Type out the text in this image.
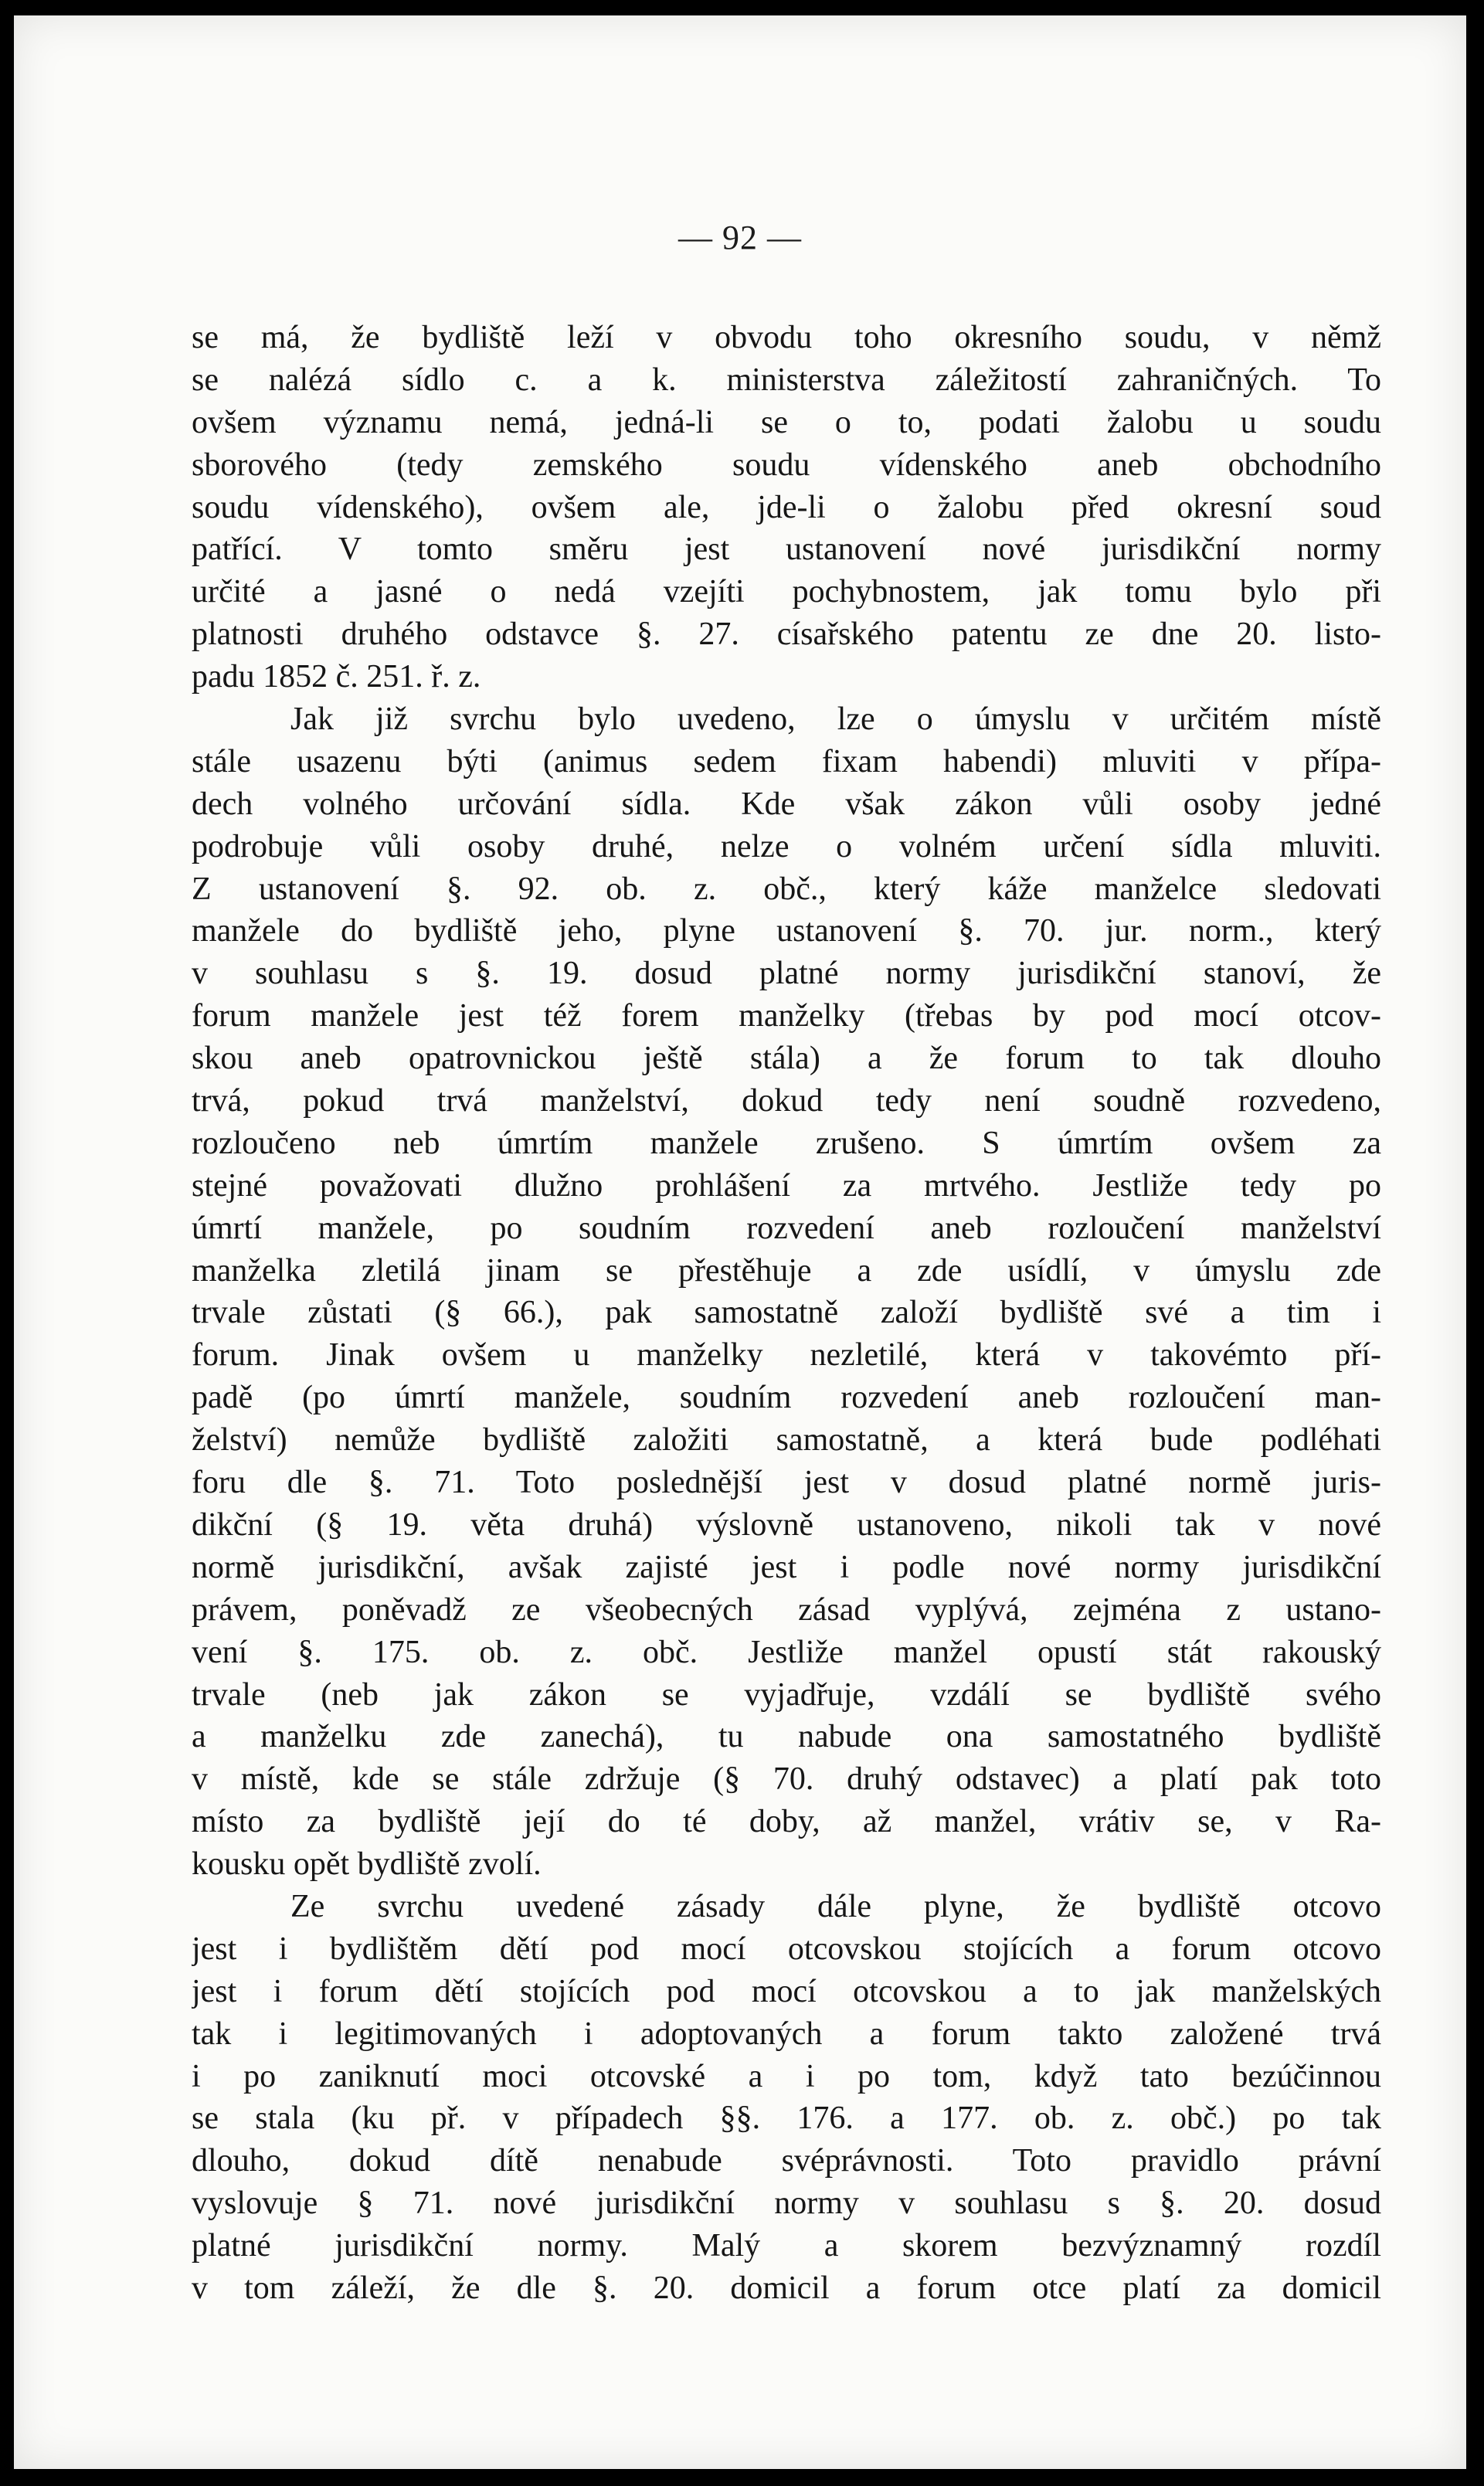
— 92 —
se má, že bydliště leží v obvodu toho okresního soudu, v němž
se nalézá sídlo c. a k. ministerstva záležitostí zahraničných. To
ovšem významu nemá, jedná-li se o to, podati žalobu u soudu
sborového (tedy zemského soudu vídenského aneb obchodního
soudu vídenského), ovšem ale, jde-li o žalobu před okresní soud
patřící. V tomto směru jest ustanovení nové jurisdikční normy
určité a jasné o nedá vzejíti pochybnostem, jak tomu bylo při
platnosti druhého odstavce §. 27. císařského patentu ze dne 20. listo-
padu 1852 č. 251. ř. z.
Jak již svrchu bylo uvedeno, lze o úmyslu v určitém místě
stále usazenu býti (animus sedem fixam habendi) mluviti v přípa-
dech volného určování sídla. Kde však zákon vůli osoby jedné
podrobuje vůli osoby druhé, nelze o volném určení sídla mluviti.
Z ustanovení §. 92. ob. z. obč., který káže manželce sledovati
manžele do bydliště jeho, plyne ustanovení §. 70. jur. norm., který
v souhlasu s §. 19. dosud platné normy jurisdikční stanoví, že
forum manžele jest též forem manželky (třebas by pod mocí otcov-
skou aneb opatrovnickou ještě stála) a že forum to tak dlouho
trvá, pokud trvá manželství, dokud tedy není soudně rozvedeno,
rozloučeno neb úmrtím manžele zrušeno. S úmrtím ovšem za
stejné považovati dlužno prohlášení za mrtvého. Jestliže tedy po
úmrtí manžele, po soudním rozvedení aneb rozloučení manželství
manželka zletilá jinam se přestěhuje a zde usídlí, v úmyslu zde
trvale zůstati (§ 66.), pak samostatně založí bydliště své a tim i
forum. Jinak ovšem u manželky nezletilé, která v takovémto pří-
padě (po úmrtí manžele, soudním rozvedení aneb rozloučení man-
želství) nemůže bydliště založiti samostatně, a která bude podléhati
foru dle §. 71. Toto poslednější jest v dosud platné normě juris-
dikční (§ 19. věta druhá) výslovně ustanoveno, nikoli tak v nové
normě jurisdikční, avšak zajisté jest i podle nové normy jurisdikční
právem, poněvadž ze všeobecných zásad vyplývá, zejména z ustano-
vení §. 175. ob. z. obč. Jestliže manžel opustí stát rakouský
trvale (neb jak zákon se vyjadřuje, vzdálí se bydliště svého
a manželku zde zanechá), tu nabude ona samostatného bydliště
v místě, kde se stále zdržuje (§ 70. druhý odstavec) a platí pak toto
místo za bydliště její do té doby, až manžel, vrátiv se, v Ra-
kousku opět bydliště zvolí.
Ze svrchu uvedené zásady dále plyne, že bydliště otcovo
jest i bydlištěm dětí pod mocí otcovskou stojících a forum otcovo
jest i forum dětí stojících pod mocí otcovskou a to jak manželských
tak i legitimovaných i adoptovaných a forum takto založené trvá
i po zaniknutí moci otcovské a i po tom, když tato bezúčinnou
se stala (ku př. v případech §§. 176. a 177. ob. z. obč.) po tak
dlouho, dokud dítě nenabude svéprávnosti. Toto pravidlo právní
vyslovuje § 71. nové jurisdikční normy v souhlasu s §. 20. dosud
platné jurisdikční normy. Malý a skorem bezvýznamný rozdíl
v tom záleží, že dle §. 20. domicil a forum otce platí za domicil
